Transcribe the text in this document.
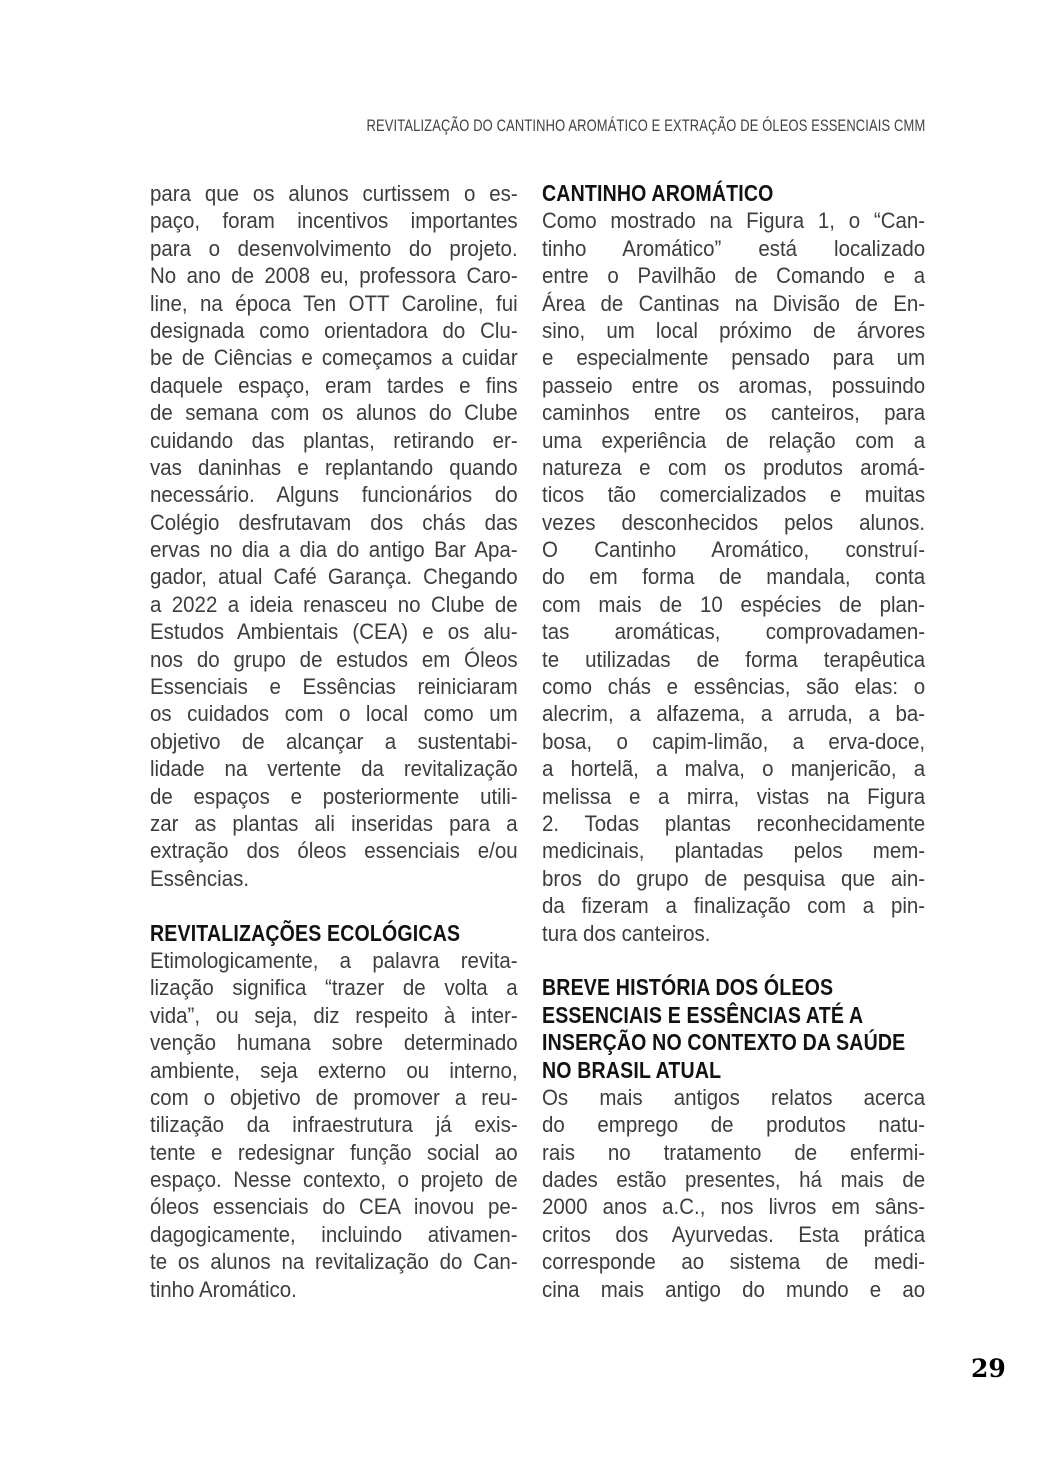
REVITALIZAÇÃO DO CANTINHO AROMÁTICO E EXTRAÇÃO DE ÓLEOS ESSENCIAIS CMM
para que os alunos curtissem o es-
paço, foram incentivos importantes
para o desenvolvimento do projeto.
No ano de 2008 eu, professora Caro-
line, na época Ten OTT Caroline, fui
designada como orientadora do Clu-
be de Ciências e começamos a cuidar
daquele espaço, eram tardes e fins
de semana com os alunos do Clube
cuidando das plantas, retirando er-
vas daninhas e replantando quando
necessário. Alguns funcionários do
Colégio desfrutavam dos chás das
ervas no dia a dia do antigo Bar Apa-
gador, atual Café Garança. Chegando
a 2022 a ideia renasceu no Clube de
Estudos Ambientais (CEA) e os alu-
nos do grupo de estudos em Óleos
Essenciais e Essências reiniciaram
os cuidados com o local como um
objetivo de alcançar a sustentabi-
lidade na vertente da revitalização
de espaços e posteriormente utili-
zar as plantas ali inseridas para a
extração dos óleos essenciais e/ou
Essências.
REVITALIZAÇÕES ECOLÓGICAS
Etimologicamente, a palavra revita-
lização significa “trazer de volta a
vida”, ou seja, diz respeito à inter-
venção humana sobre determinado
ambiente, seja externo ou interno,
com o objetivo de promover a reu-
tilização da infraestrutura já exis-
tente e redesignar função social ao
espaço. Nesse contexto, o projeto de
óleos essenciais do CEA inovou pe-
dagogicamente, incluindo ativamen-
te os alunos na revitalização do Can-
tinho Aromático.
CANTINHO AROMÁTICO
Como mostrado na Figura 1, o “Can-
tinho Aromático” está localizado
entre o Pavilhão de Comando e a
Área de Cantinas na Divisão de En-
sino, um local próximo de árvores
e especialmente pensado para um
passeio entre os aromas, possuindo
caminhos entre os canteiros, para
uma experiência de relação com a
natureza e com os produtos aromá-
ticos tão comercializados e muitas
vezes desconhecidos pelos alunos.
O Cantinho Aromático, construí-
do em forma de mandala, conta
com mais de 10 espécies de plan-
tas aromáticas, comprovadamen-
te utilizadas de forma terapêutica
como chás e essências, são elas: o
alecrim, a alfazema, a arruda, a ba-
bosa, o capim-limão, a erva-doce,
a hortelã, a malva, o manjericão, a
melissa e a mirra, vistas na Figura
2. Todas plantas reconhecidamente
medicinais, plantadas pelos mem-
bros do grupo de pesquisa que ain-
da fizeram a finalização com a pin-
tura dos canteiros.
BREVE HISTÓRIA DOS ÓLEOS
ESSENCIAIS E ESSÊNCIAS ATÉ A
INSERÇÃO NO CONTEXTO DA SAÚDE
NO BRASIL ATUAL
Os mais antigos relatos acerca
do emprego de produtos natu-
rais no tratamento de enfermi-
dades estão presentes, há mais de
2000 anos a.C., nos livros em sâns-
critos dos Ayurvedas. Esta prática
corresponde ao sistema de medi-
cina mais antigo do mundo e ao
29
